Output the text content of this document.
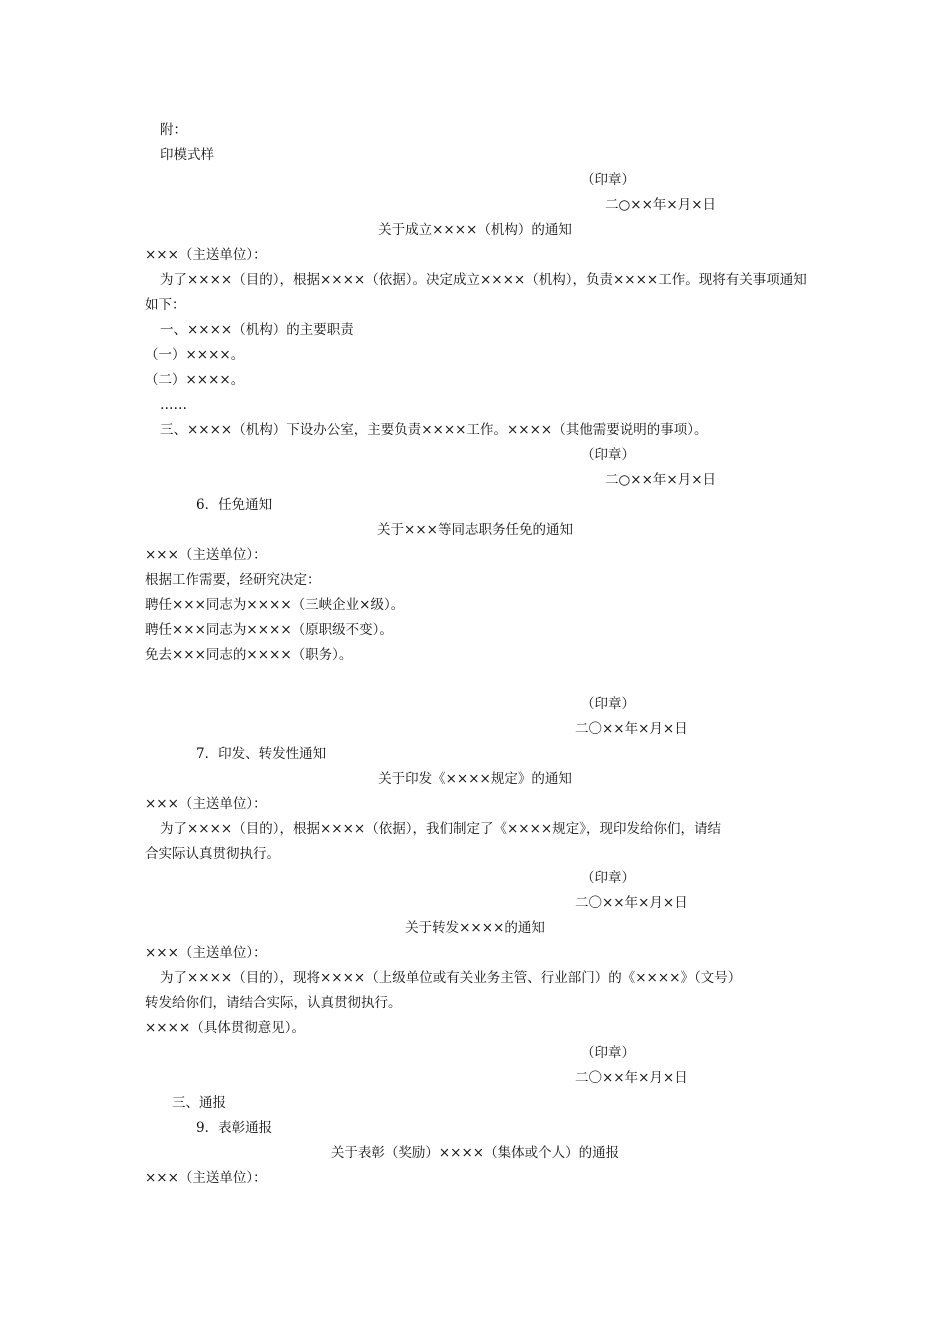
附：
印模式样
（印章）
二○××年×月×日
关于成立××××（机构）的通知
×××（主送单位）：
为了××××（目的），根据××××（依据）。决定成立××××（机构），负责××××工作。现将有关事项通知
如下：
一、××××（机构）的主要职责
（一）××××。
（二）××××。
……
三、××××（机构）下设办公室，主要负责××××工作。××××（其他需要说明的事项）。
（印章）
二○××年×月×日
6．任免通知
关于×××等同志职务任免的通知
×××（主送单位）：
根据工作需要，经研究决定：
聘任×××同志为××××（三峡企业×级）。
聘任×××同志为××××（原职级不变）。
免去×××同志的××××（职务）。
（印章）
二〇××年×月×日
7．印发、转发性通知
关于印发《××××规定》的通知
×××（主送单位）：
为了××××（目的），根据××××（依据），我们制定了《××××规定》，现印发给你们，请结
合实际认真贯彻执行。
（印章）
二〇××年×月×日
关于转发××××的通知
×××（主送单位）：
为了××××（目的），现将××××（上级单位或有关业务主管、行业部门）的《××××》（文号）
转发给你们，请结合实际，认真贯彻执行。
××××（具体贯彻意见）。
（印章）
二〇××年×月×日
三、通报
9．表彰通报
关于表彰（奖励）××××（集体或个人）的通报
×××（主送单位）：
